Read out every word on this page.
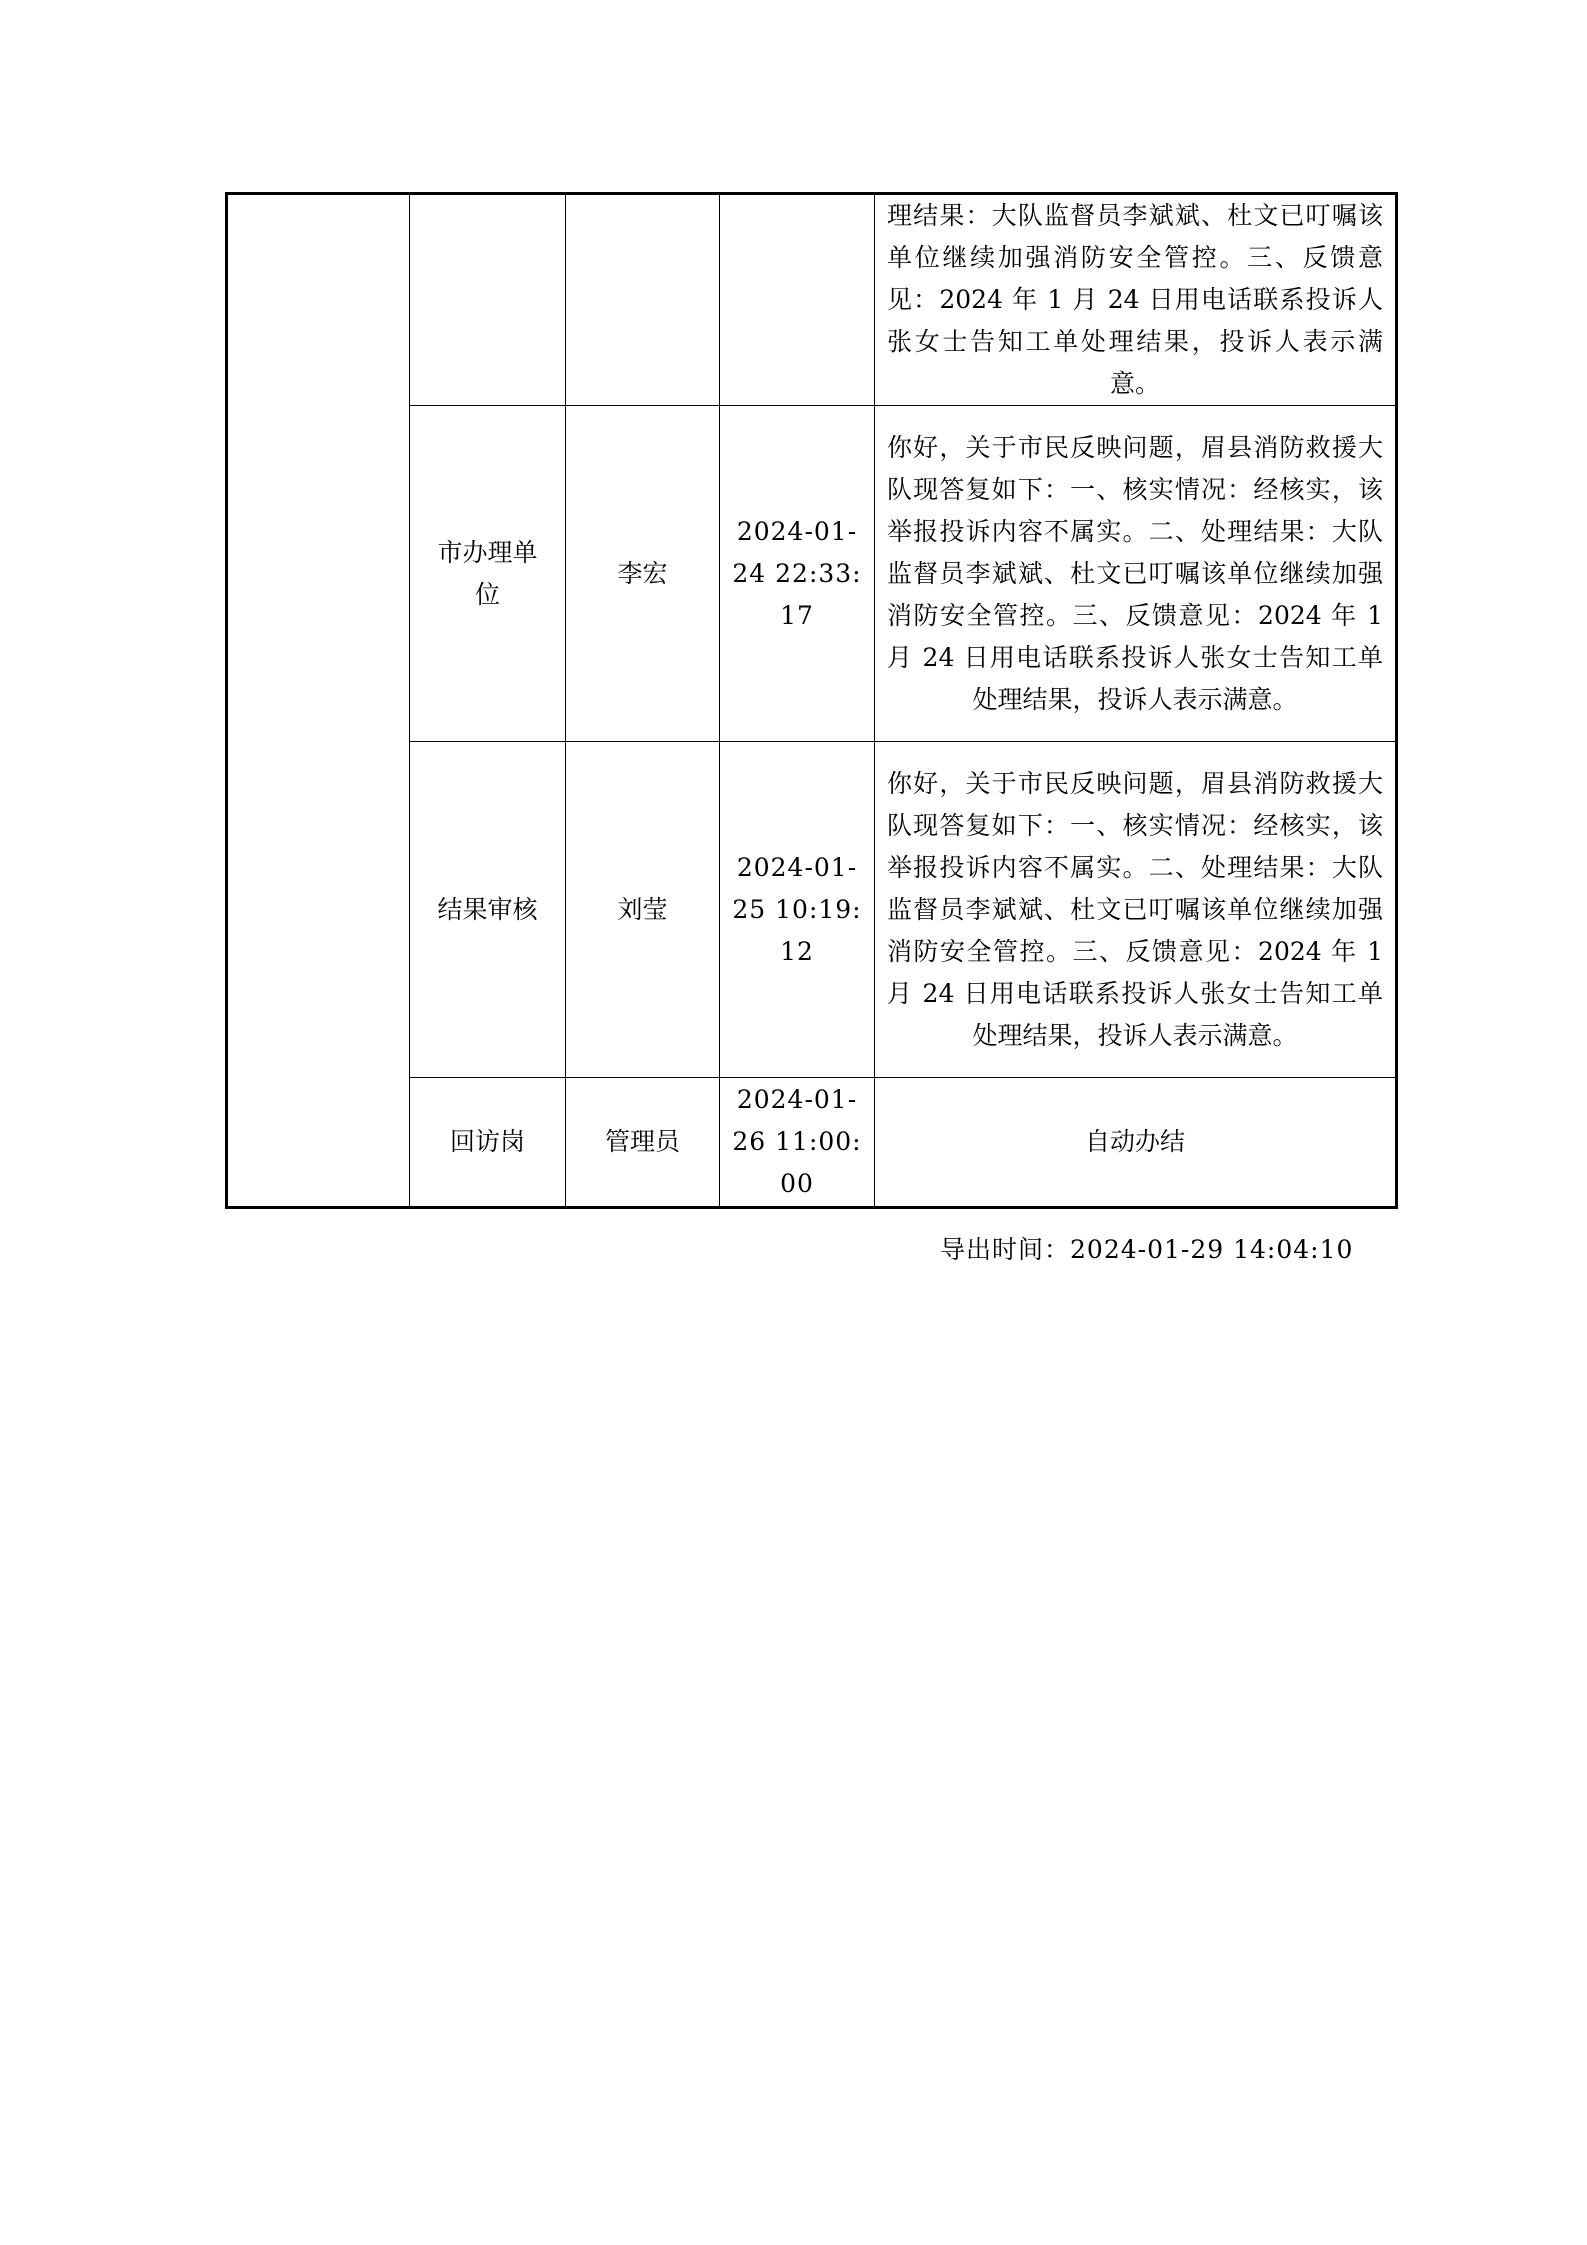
				理结果：大队监督员李斌斌、杜文已叮嘱该单位继续加强消防安全管控。三、反馈意见：2024 年 1 月 24 日用电话联系投诉人张女士告知工单处理结果，投诉人表示满意。

	市办理单位	李宏	2024-01-24 22:33:17	你好，关于市民反映问题，眉县消防救援大队现答复如下：一、核实情况：经核实，该举报投诉内容不属实。二、处理结果：大队监督员李斌斌、杜文已叮嘱该单位继续加强消防安全管控。三、反馈意见：2024 年 1 月 24 日用电话联系投诉人张女士告知工单处理结果，投诉人表示满意。

	结果审核	刘莹	2024-01-25 10:19:12	你好，关于市民反映问题，眉县消防救援大队现答复如下：一、核实情况：经核实，该举报投诉内容不属实。二、处理结果：大队监督员李斌斌、杜文已叮嘱该单位继续加强消防安全管控。三、反馈意见：2024 年 1 月 24 日用电话联系投诉人张女士告知工单处理结果，投诉人表示满意。

	回访岗	管理员	2024-01-26 11:00:00	自动办结
导出时间：2024-01-29 14:04:10
